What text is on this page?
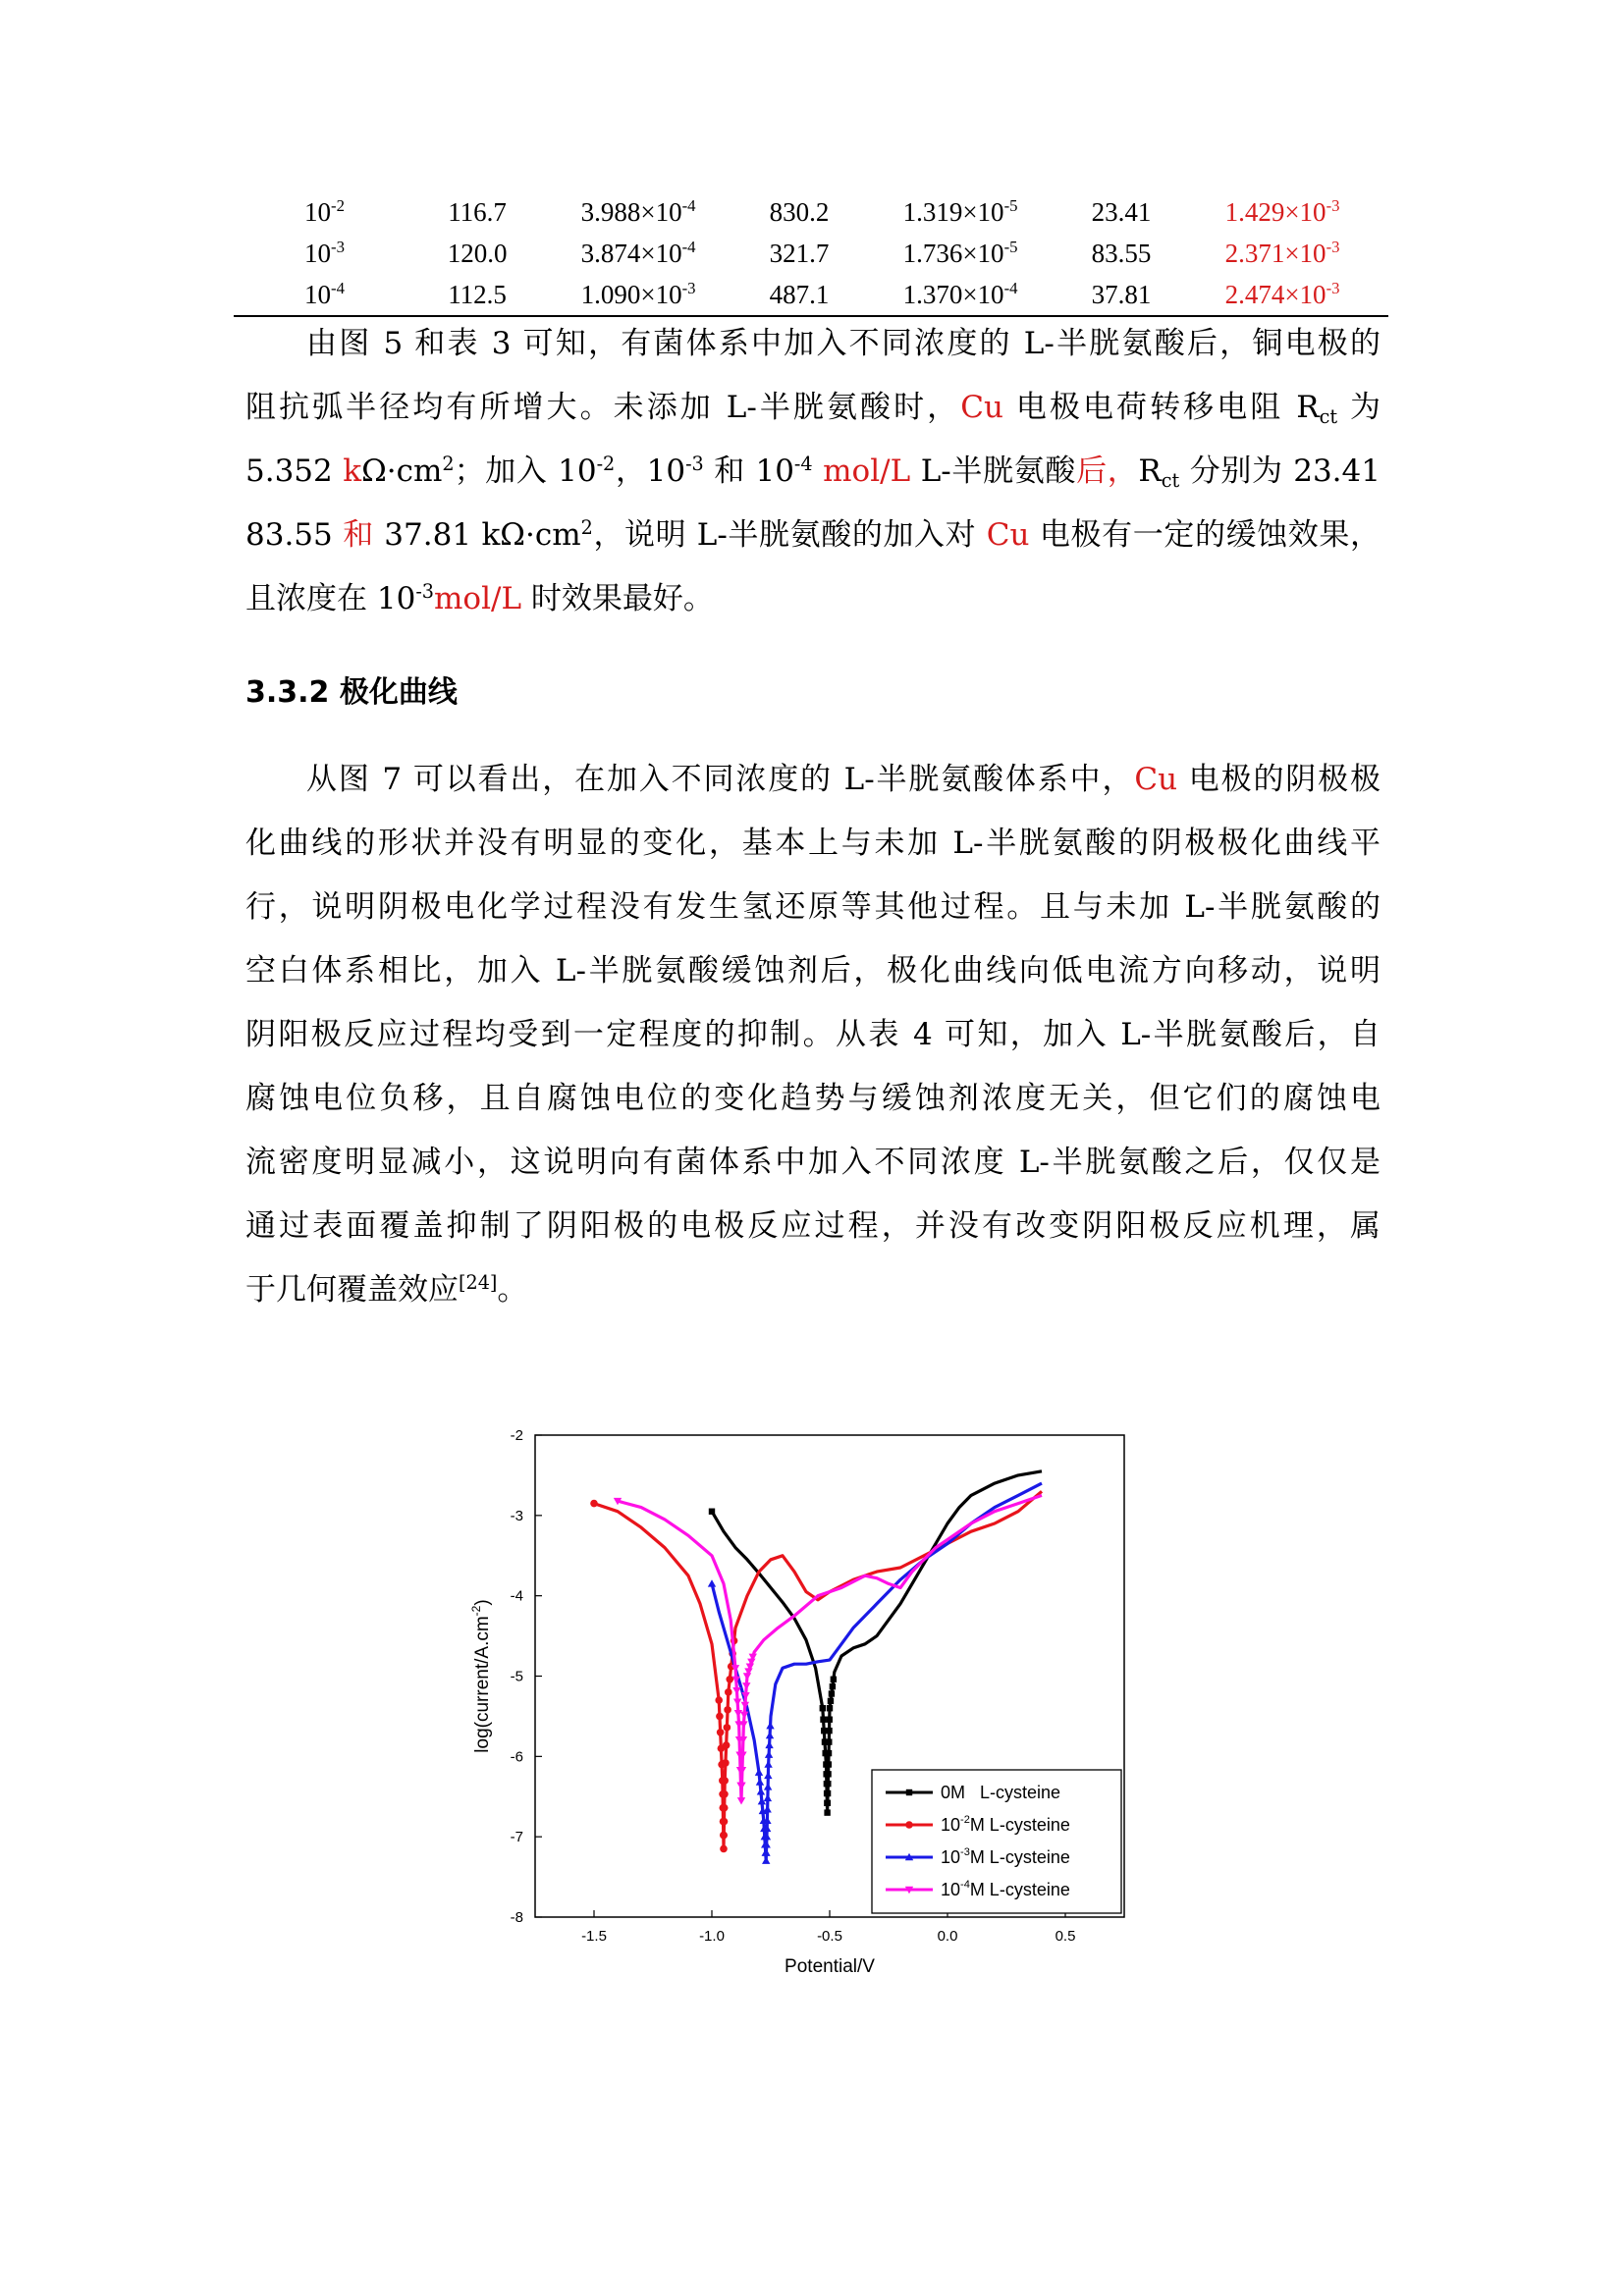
$10^{-2}$	116.7	$3.988\times 10^{-4}$	830.2	$1.319\times 10^{-5}$	23.41	$1.429\times 10^{-3}$
$10^{-3}$	120.0	$3.874\times 10^{-4}$	321.7	$1.736\times 10^{-5}$	83.55	$2.371\times 10^{-3}$
$10^{-4}$	112.5	$1.090\times 10^{-3}$	487.1	$1.370\times 10^{-4}$	37.81	$2.474\times 10^{-3}$
由图 5 和表 3 可知，有菌体系中加入不同浓度的 L-半胱氨酸后，铜电极的
阻抗弧半径均有所增大。未添加 L-半胱氨酸时，Cu 电极电荷转移电阻 $R_{ct}$ 为
5.352 $k\Omega\cdot cm^2$；加入 $10^{-2}$，$10^{-3}$ 和 $10^{-4}$ mol/L L-半胱氨酸后，$R_{ct}$ 分别为 23.41
83.55 和 37.81 $k\Omega\cdot cm^2$，说明 L-半胱氨酸的加入对 Cu 电极有一定的缓蚀效果，
且浓度在 $10^{-3}mol/L$ 时效果最好。
3.3.2 极化曲线
从图 7 可以看出，在加入不同浓度的 L-半胱氨酸体系中，Cu 电极的阴极极
化曲线的形状并没有明显的变化，基本上与未加 L-半胱氨酸的阴极极化曲线平
行，说明阴极电化学过程没有发生氢还原等其他过程。且与未加 L-半胱氨酸的
空白体系相比，加入 L-半胱氨酸缓蚀剂后，极化曲线向低电流方向移动，说明
阴阳极反应过程均受到一定程度的抑制。从表 4 可知，加入 L-半胱氨酸后，自
腐蚀电位负移，且自腐蚀电位的变化趋势与缓蚀剂浓度无关，但它们的腐蚀电
流密度明显减小，这说明向有菌体系中加入不同浓度 L-半胱氨酸之后，仅仅是
通过表面覆盖抑制了阴阳极的电极反应过程，并没有改变阴阳极反应机理，属
于几何覆盖效应[24]。
-1.5	-1.0	-0.5	0.0	0.5
-2
-3
-4
-5
-6
-7
-8
0M   L-cysteine
$10^{-2}M$ L-cysteine
$10^{-3}M$ L-cysteine
$10^{-4}M$ L-cysteine
Potential/V
$\log(current/A.cm^{-2})$
